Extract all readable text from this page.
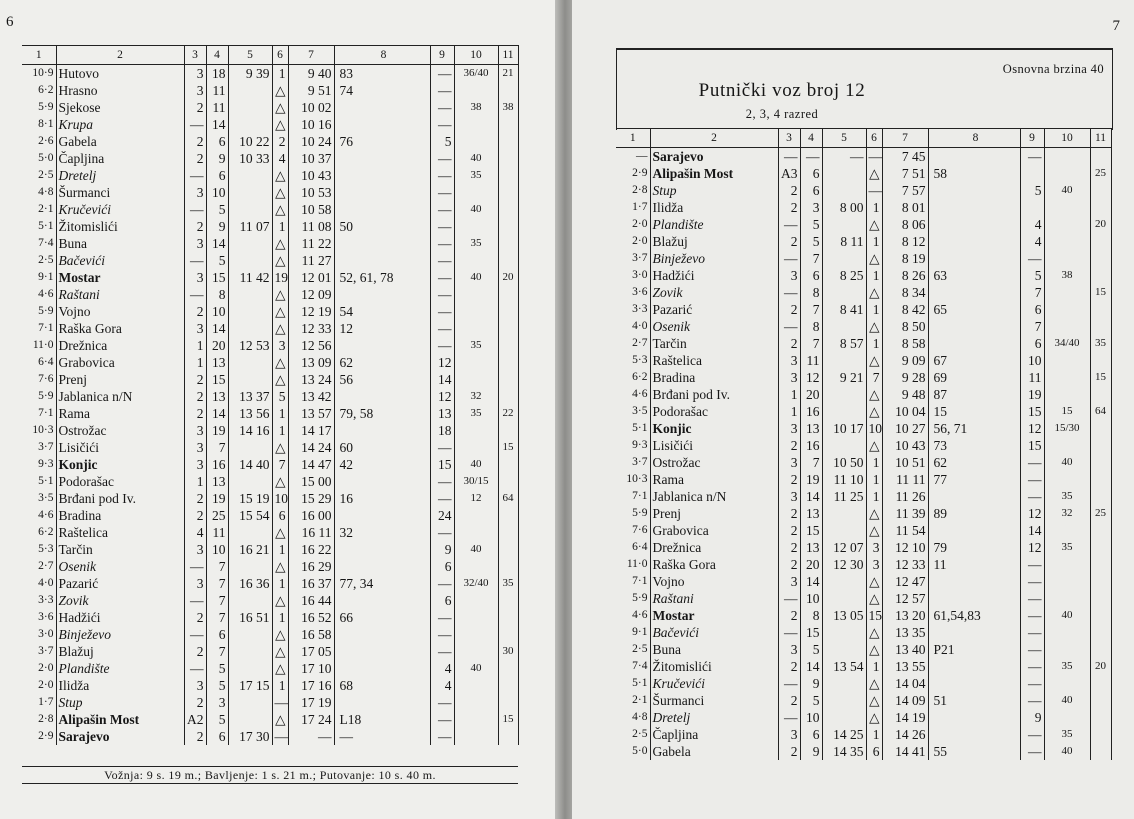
6
1	2	3	4	5	6	7	8	9	10	11
10·9	Hutovo	3	18	9 39	1	9 40	83	—	36/40	21
6·2	Hrasno	3	11		△	9 51	74	—		
5·9	Sjekose	2	11		△	10 02		—	38	38
8·1	Krupa	—	14		△	10 16		—		
2·6	Gabela	2	6	10 22	2	10 24	76	5		
5·0	Čapljina	2	9	10 33	4	10 37		—	40	
2·5	Dretelj	—	6		△	10 43		—	35	
4·8	Šurmanci	3	10		△	10 53		—		
2·1	Kručevići	—	5		△	10 58		—	40	
5·1	Žitomislići	2	9	11 07	1	11 08	50	—		
7·4	Buna	3	14		△	11 22		—	35	
2·5	Bačevići	—	5		△	11 27		—		
9·1	Mostar	3	15	11 42	19	12 01	52, 61, 78	—	40	20
4·6	Raštani	—	8		△	12 09		—		
5·9	Vojno	2	10		△	12 19	54	—		
7·1	Raška Gora	3	14		△	12 33	12	—		
11·0	Drežnica	1	20	12 53	3	12 56		—	35	
6·4	Grabovica	1	13		△	13 09	62	12		
7·6	Prenj	2	15		△	13 24	56	14		
5·9	Jablanica n/N	2	13	13 37	5	13 42		12	32	
7·1	Rama	2	14	13 56	1	13 57	79, 58	13	35	22
10·3	Ostrožac	3	19	14 16	1	14 17		18		
3·7	Lisičići	3	7		△	14 24	60	—		15
9·3	Konjic	3	16	14 40	7	14 47	42	15	40	
5·1	Podorašac	1	13		△	15 00		—	30/15	
3·5	Brđani pod Iv.	2	19	15 19	10	15 29	16	—	12	64
4·6	Bradina	2	25	15 54	6	16 00		24		
6·2	Raštelica	4	11		△	16 11	32	—		
5·3	Tarčin	3	10	16 21	1	16 22		9	40	
2·7	Osenik	—	7		△	16 29		6		
4·0	Pazarić	3	7	16 36	1	16 37	77, 34	—	32/40	35
3·3	Zovik	—	7		△	16 44		6		
3·6	Hadžići	2	7	16 51	1	16 52	66	—		
3·0	Binježevo	—	6		△	16 58		—		
3·7	Blažuj	2	7		△	17 05		—		30
2·0	Plandište	—	5		△	17 10		4	40	
2·0	Ilidža	3	5	17 15	1	17 16	68	4		
1·7	Stup	2	3		—	17 19		—		
2·8	Alipašin Most	A2	5		△	17 24	L18	—		15
2·9	Sarajevo	2	6	17 30	—	—	—	—		
Vožnja: 9 s. 19 m.; Bavljenje: 1 s. 21 m.; Putovanje: 10 s. 40 m.
7
Osnovna brzina 40
Putnički voz broj 12
2, 3, 4 razred
1	2	3	4	5	6	7	8	9	10	11
—	Sarajevo	—	—	—	—	7 45		—		
2·9	Alipašin Most	A3	6		△	7 51	58			25
2·8	Stup	2	6		—	7 57		5	40	
1·7	Ilidža	2	3	8 00	1	8 01				
2·0	Plandište	—	5		△	8 06		4		20
2·0	Blažuj	2	5	8 11	1	8 12		4		
3·7	Binježevo	—	7		△	8 19		—		
3·0	Hadžići	3	6	8 25	1	8 26	63	5	38	
3·6	Zovik	—	8		△	8 34		7		15
3·3	Pazarić	2	7	8 41	1	8 42	65	6		
4·0	Osenik	—	8		△	8 50		7		
2·7	Tarčin	2	7	8 57	1	8 58		6	34/40	35
5·3	Raštelica	3	11		△	9 09	67	10		
6·2	Bradina	3	12	9 21	7	9 28	69	11		15
4·6	Brđani pod Iv.	1	20		△	9 48	87	19		
3·5	Podorašac	1	16		△	10 04	15	15	15	64
5·1	Konjic	3	13	10 17	10	10 27	56, 71	12	15/30	
9·3	Lisičići	2	16		△	10 43	73	15		
3·7	Ostrožac	3	7	10 50	1	10 51	62	—	40	
10·3	Rama	2	19	11 10	1	11 11	77	—		
7·1	Jablanica n/N	3	14	11 25	1	11 26		—	35	
5·9	Prenj	2	13		△	11 39	89	12	32	25
7·6	Grabovica	2	15		△	11 54		14		
6·4	Drežnica	2	13	12 07	3	12 10	79	12	35	
11·0	Raška Gora	2	20	12 30	3	12 33	11	—		
7·1	Vojno	3	14		△	12 47		—		
5·9	Raštani	—	10		△	12 57		—		
4·6	Mostar	2	8	13 05	15	13 20	61,54,83	—	40	
9·1	Bačevići	—	15		△	13 35		—		
2·5	Buna	3	5		△	13 40	P21	—		
7·4	Žitomislići	2	14	13 54	1	13 55		—	35	20
5·1	Kručevići	—	9		△	14 04		—		
2·1	Šurmanci	2	5		△	14 09	51	—	40	
4·8	Dretelj	—	10		△	14 19		9		
2·5	Čapljina	3	6	14 25	1	14 26		—	35	
5·0	Gabela	2	9	14 35	6	14 41	55	—	40	
